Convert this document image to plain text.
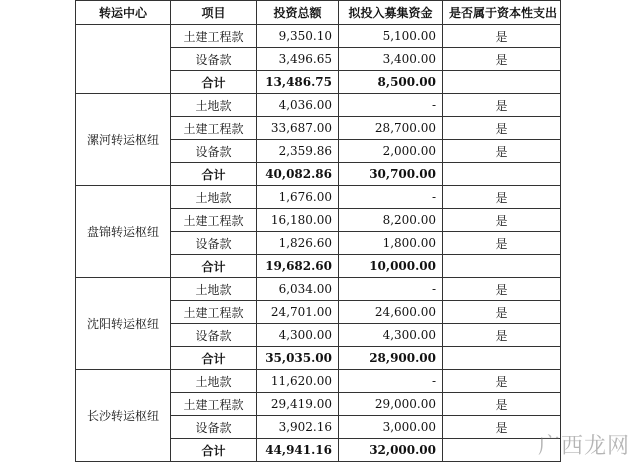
转运中心	项目	投资总额	拟投入募集资金	是否属于资本性支出
	土建工程款	9,350.10	5,100.00	是
	设备款	3,496.65	3,400.00	是
	合计	13,486.75	8,500.00	
漯河转运枢纽	土地款	4,036.00	-	是
	土建工程款	33,687.00	28,700.00	是
	设备款	2,359.86	2,000.00	是
	合计	40,082.86	30,700.00	
盘锦转运枢纽	土地款	1,676.00	-	是
	土建工程款	16,180.00	8,200.00	是
	设备款	1,826.60	1,800.00	是
	合计	19,682.60	10,000.00	
沈阳转运枢纽	土地款	6,034.00	-	是
	土建工程款	24,701.00	24,600.00	是
	设备款	4,300.00	4,300.00	是
	合计	35,035.00	28,900.00	
长沙转运枢纽	土地款	11,620.00	-	是
	土建工程款	29,419.00	29,000.00	是
	设备款	3,902.16	3,000.00	是
	合计	44,941.16	32,000.00		广西龙网
